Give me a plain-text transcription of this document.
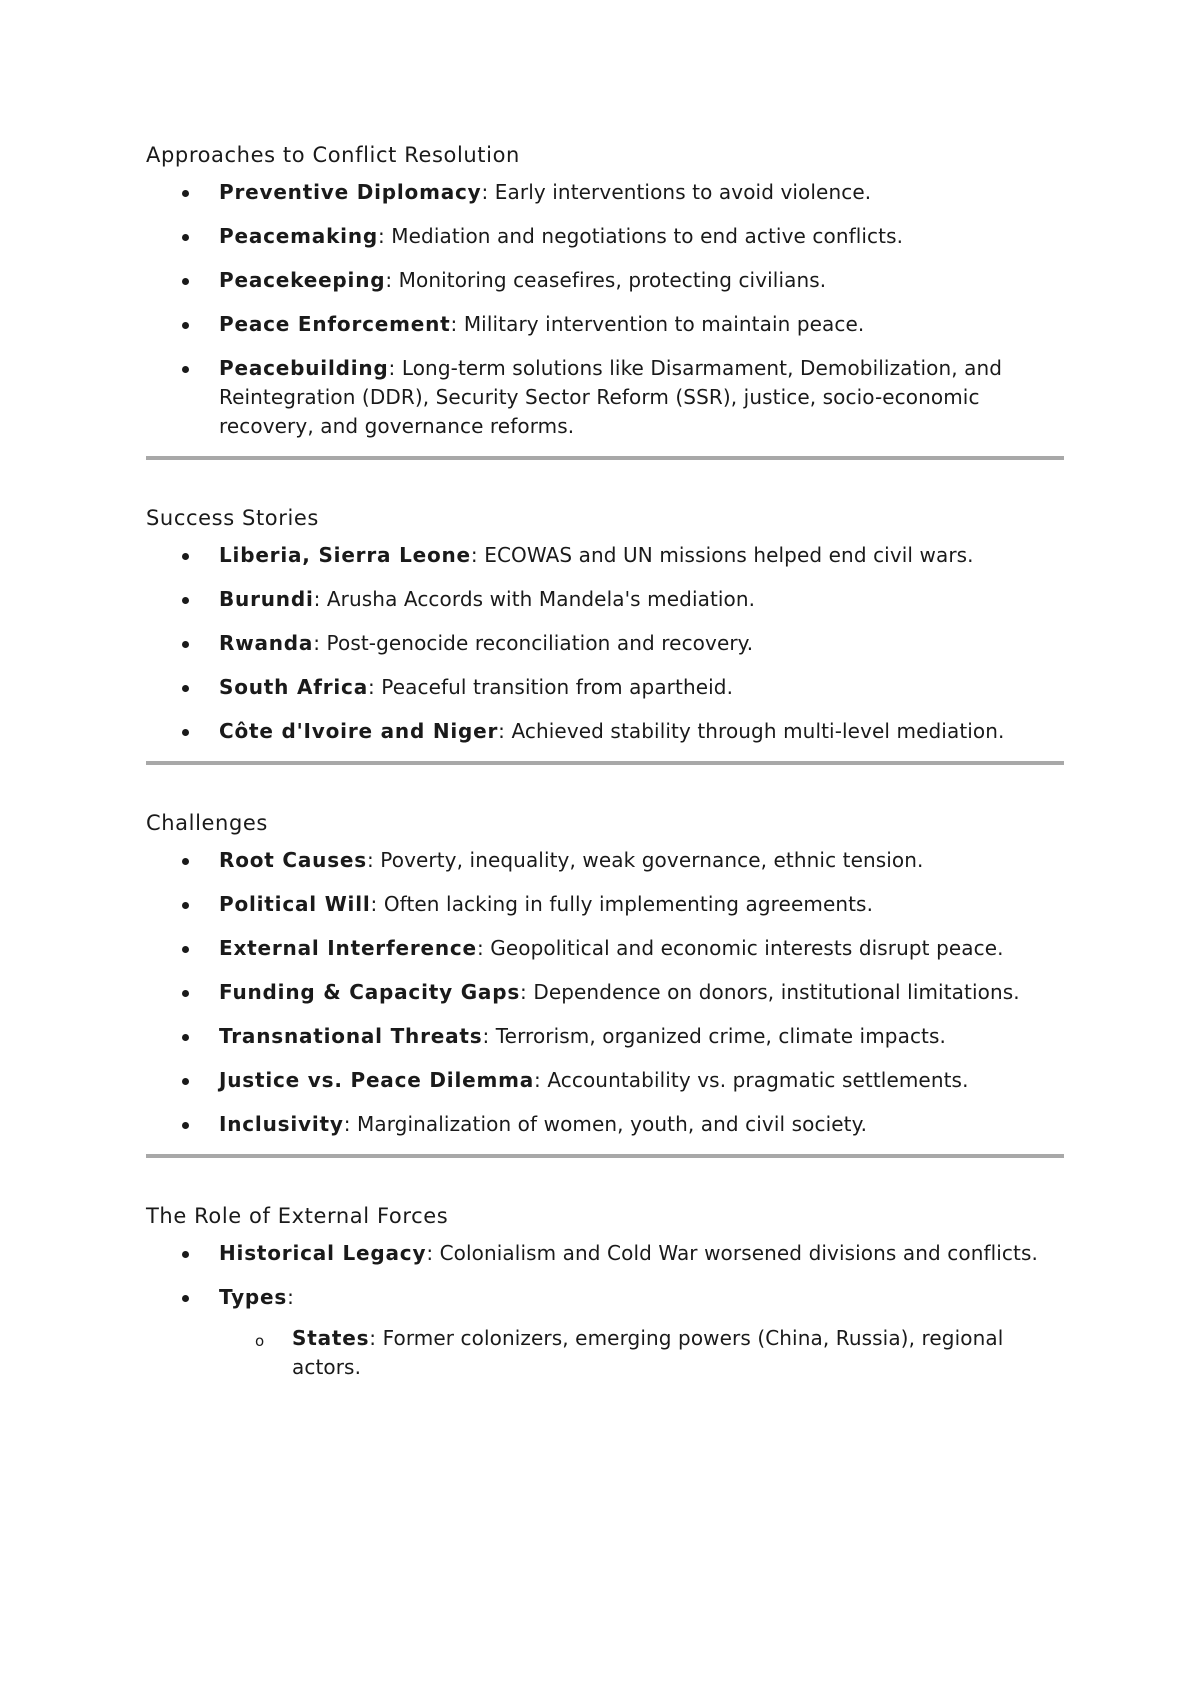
Approaches to Conflict Resolution
Preventive Diplomacy: Early interventions to avoid violence.
Peacemaking: Mediation and negotiations to end active conflicts.
Peacekeeping: Monitoring ceasefires, protecting civilians.
Peace Enforcement: Military intervention to maintain peace.
Peacebuilding: Long-term solutions like Disarmament, Demobilization, and Reintegration (DDR), Security Sector Reform (SSR), justice, socio-economic recovery, and governance reforms.
Success Stories
Liberia, Sierra Leone: ECOWAS and UN missions helped end civil wars.
Burundi: Arusha Accords with Mandela's mediation.
Rwanda: Post-genocide reconciliation and recovery.
South Africa: Peaceful transition from apartheid.
Côte d'Ivoire and Niger: Achieved stability through multi-level mediation.
Challenges
Root Causes: Poverty, inequality, weak governance, ethnic tension.
Political Will: Often lacking in fully implementing agreements.
External Interference: Geopolitical and economic interests disrupt peace.
Funding & Capacity Gaps: Dependence on donors, institutional limitations.
Transnational Threats: Terrorism, organized crime, climate impacts.
Justice vs. Peace Dilemma: Accountability vs. pragmatic settlements.
Inclusivity: Marginalization of women, youth, and civil society.
The Role of External Forces
Historical Legacy: Colonialism and Cold War worsened divisions and conflicts.
Types:
o States: Former colonizers, emerging powers (China, Russia), regional actors.
